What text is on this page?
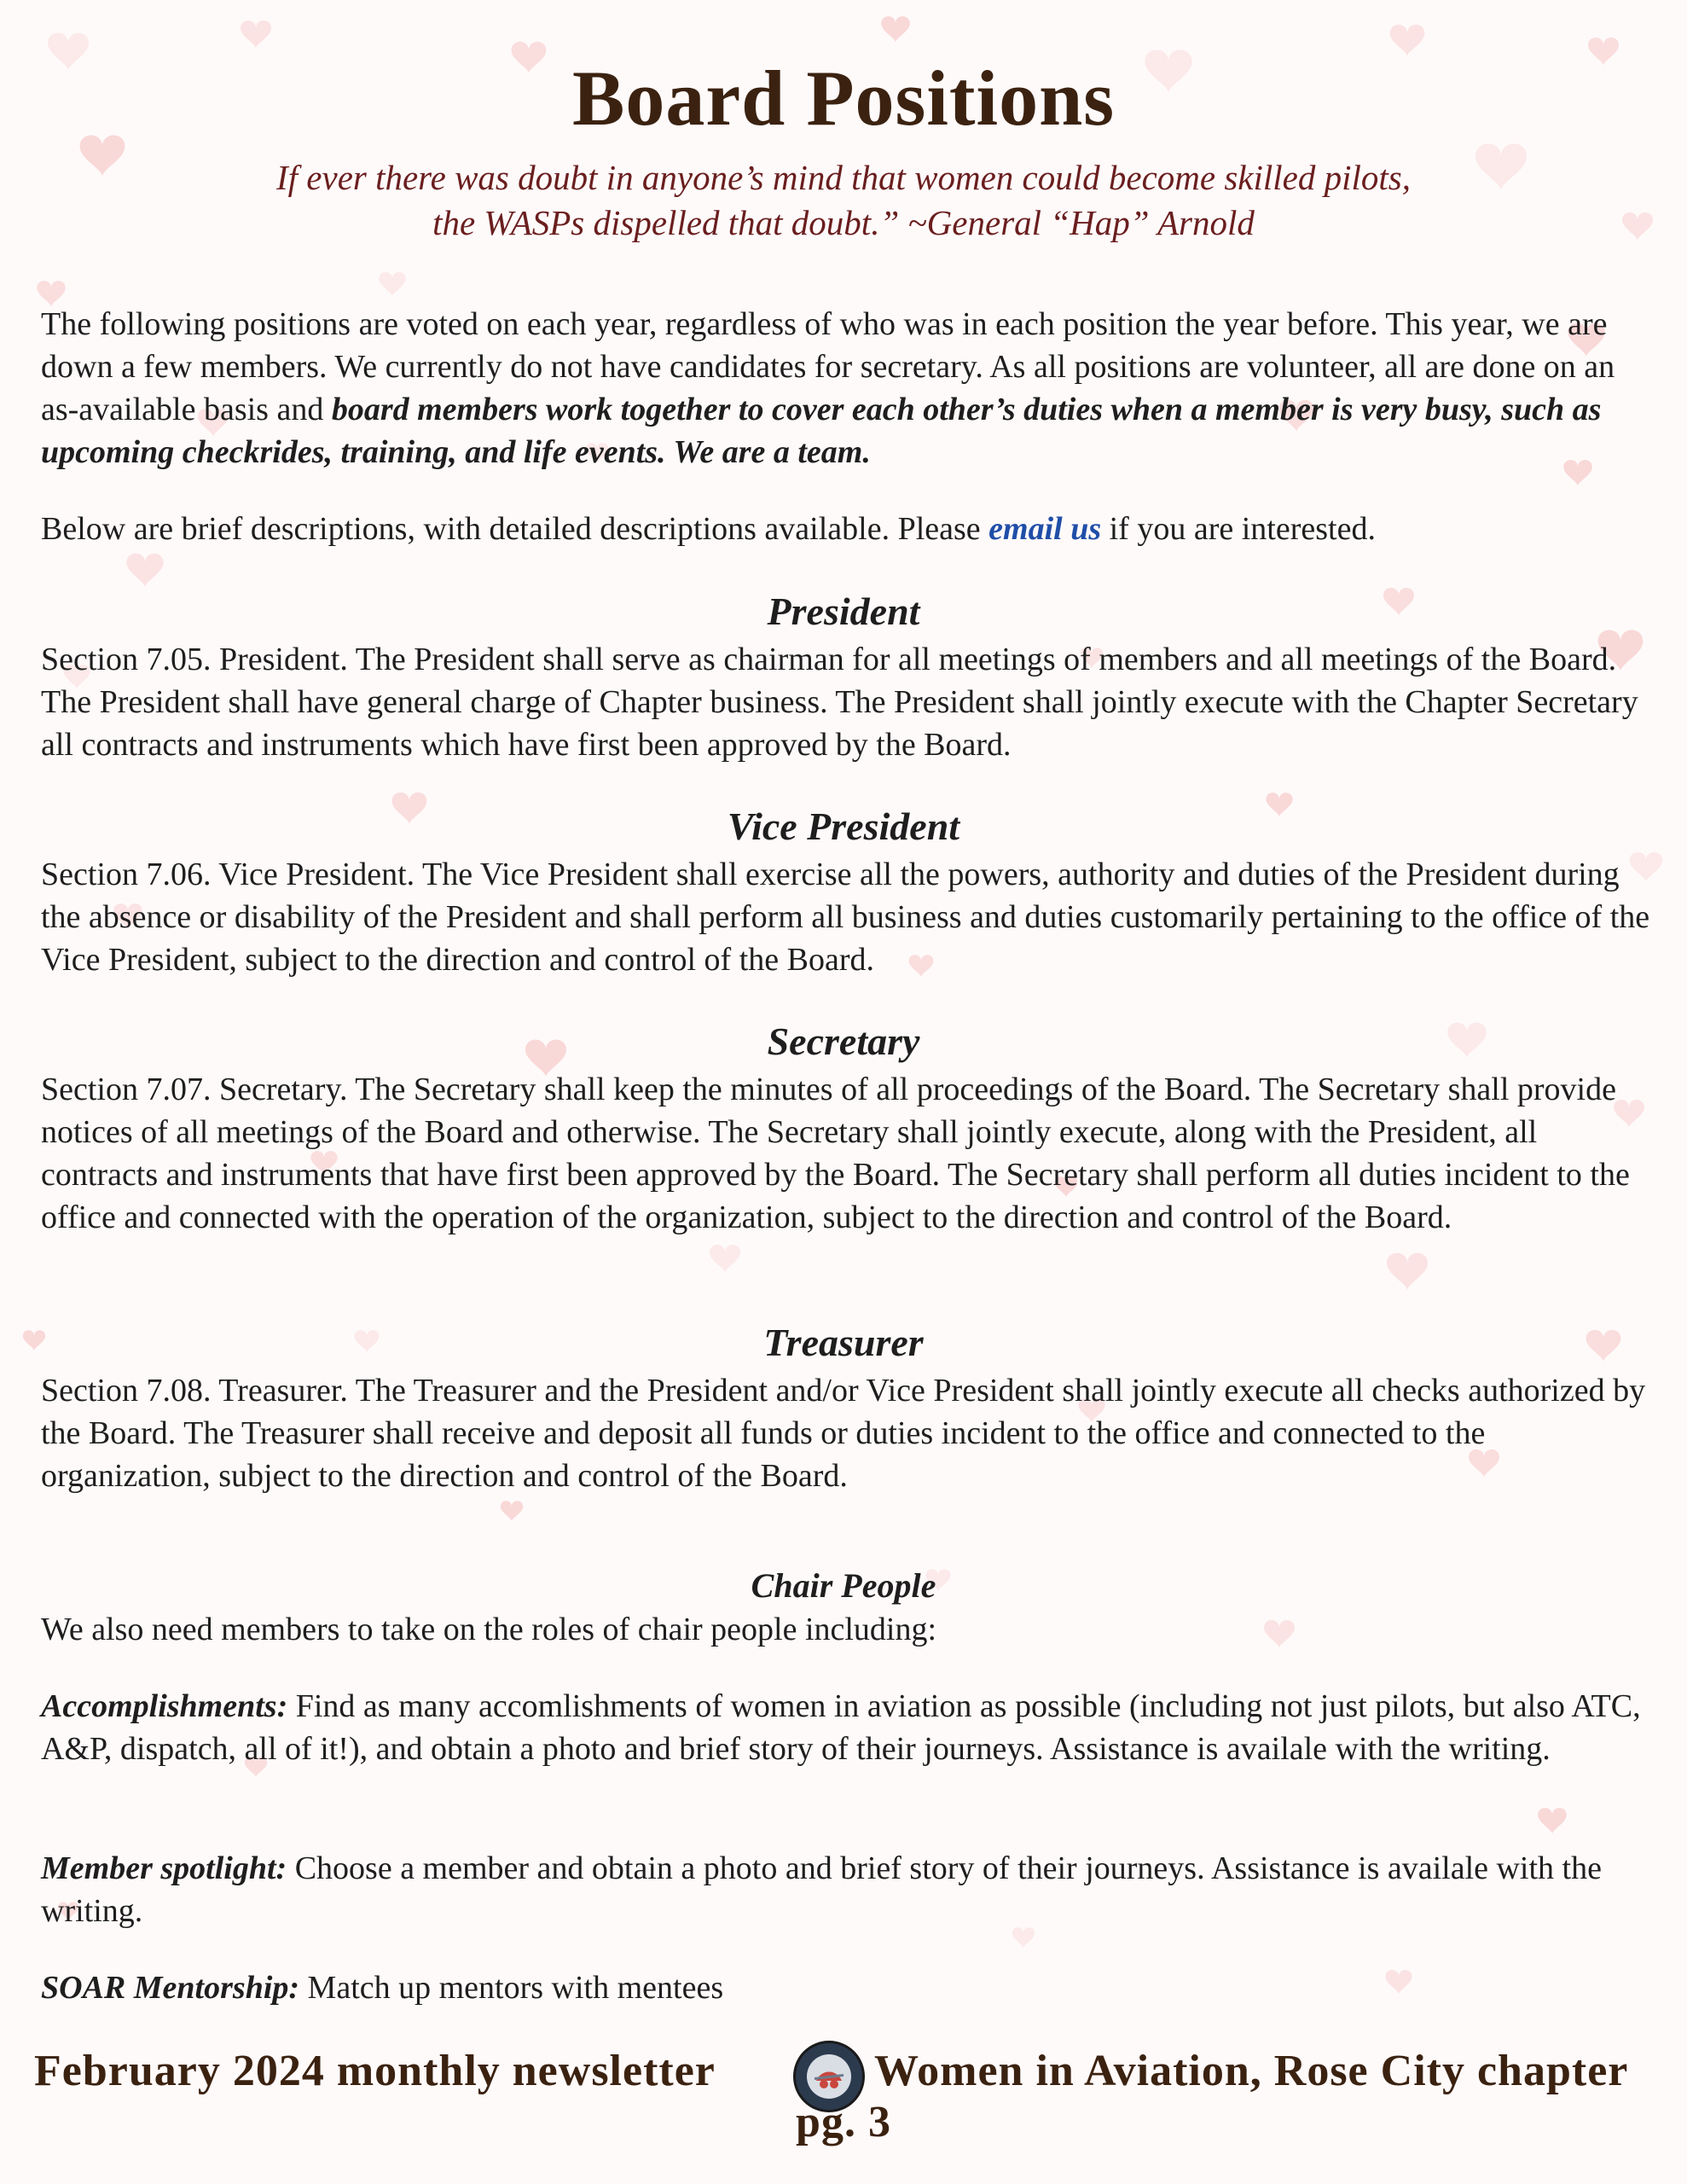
Board Positions
If ever there was doubt in anyone’s mind that women could become skilled pilots,
the WASPs dispelled that doubt.” ~General “Hap” Arnold
The following positions are voted on each year, regardless of who was in each position the year before. This year, we are down a few members. We currently do not have candidates for secretary. As all positions are volunteer, all are done on an as-available basis and board members work together to cover each other’s duties when a member is very busy, such as upcoming checkrides, training, and life events. We are a team.
Below are brief descriptions, with detailed descriptions available. Please email us if you are interested.
President
Section 7.05. President. The President shall serve as chairman for all meetings of members and all meetings of the Board. The President shall have general charge of Chapter business. The President shall jointly execute with the Chapter Secretary all contracts and instruments which have first been approved by the Board.
Vice President
Section 7.06. Vice President. The Vice President shall exercise all the powers, authority and duties of the President during the absence or disability of the President and shall perform all business and duties customarily pertaining to the office of the Vice President, subject to the direction and control of the Board.
Secretary
Section 7.07. Secretary. The Secretary shall keep the minutes of all proceedings of the Board. The Secretary shall provide notices of all meetings of the Board and otherwise. The Secretary shall jointly execute, along with the President, all contracts and instruments that have first been approved by the Board. The Secretary shall perform all duties incident to the office and connected with the operation of the organization, subject to the direction and control of the Board.
Treasurer
Section 7.08. Treasurer. The Treasurer and the President and/or Vice President shall jointly execute all checks authorized by the Board. The Treasurer shall receive and deposit all funds or duties incident to the office and connected to the organization, subject to the direction and control of the Board.
Chair People
We also need members to take on the roles of chair people including:
Accomplishments: Find as many accomlishments of women in aviation as possible (including not just pilots, but also ATC, A&P, dispatch, all of it!), and obtain a photo and brief story of their journeys. Assistance is availale with the writing.
Member spotlight: Choose a member and obtain a photo and brief story of their journeys. Assistance is availale with the writing.
SOAR Mentorship: Match up mentors with mentees
February 2024 monthly newsletter	Women in Aviation, Rose City chapter
pg. 3
